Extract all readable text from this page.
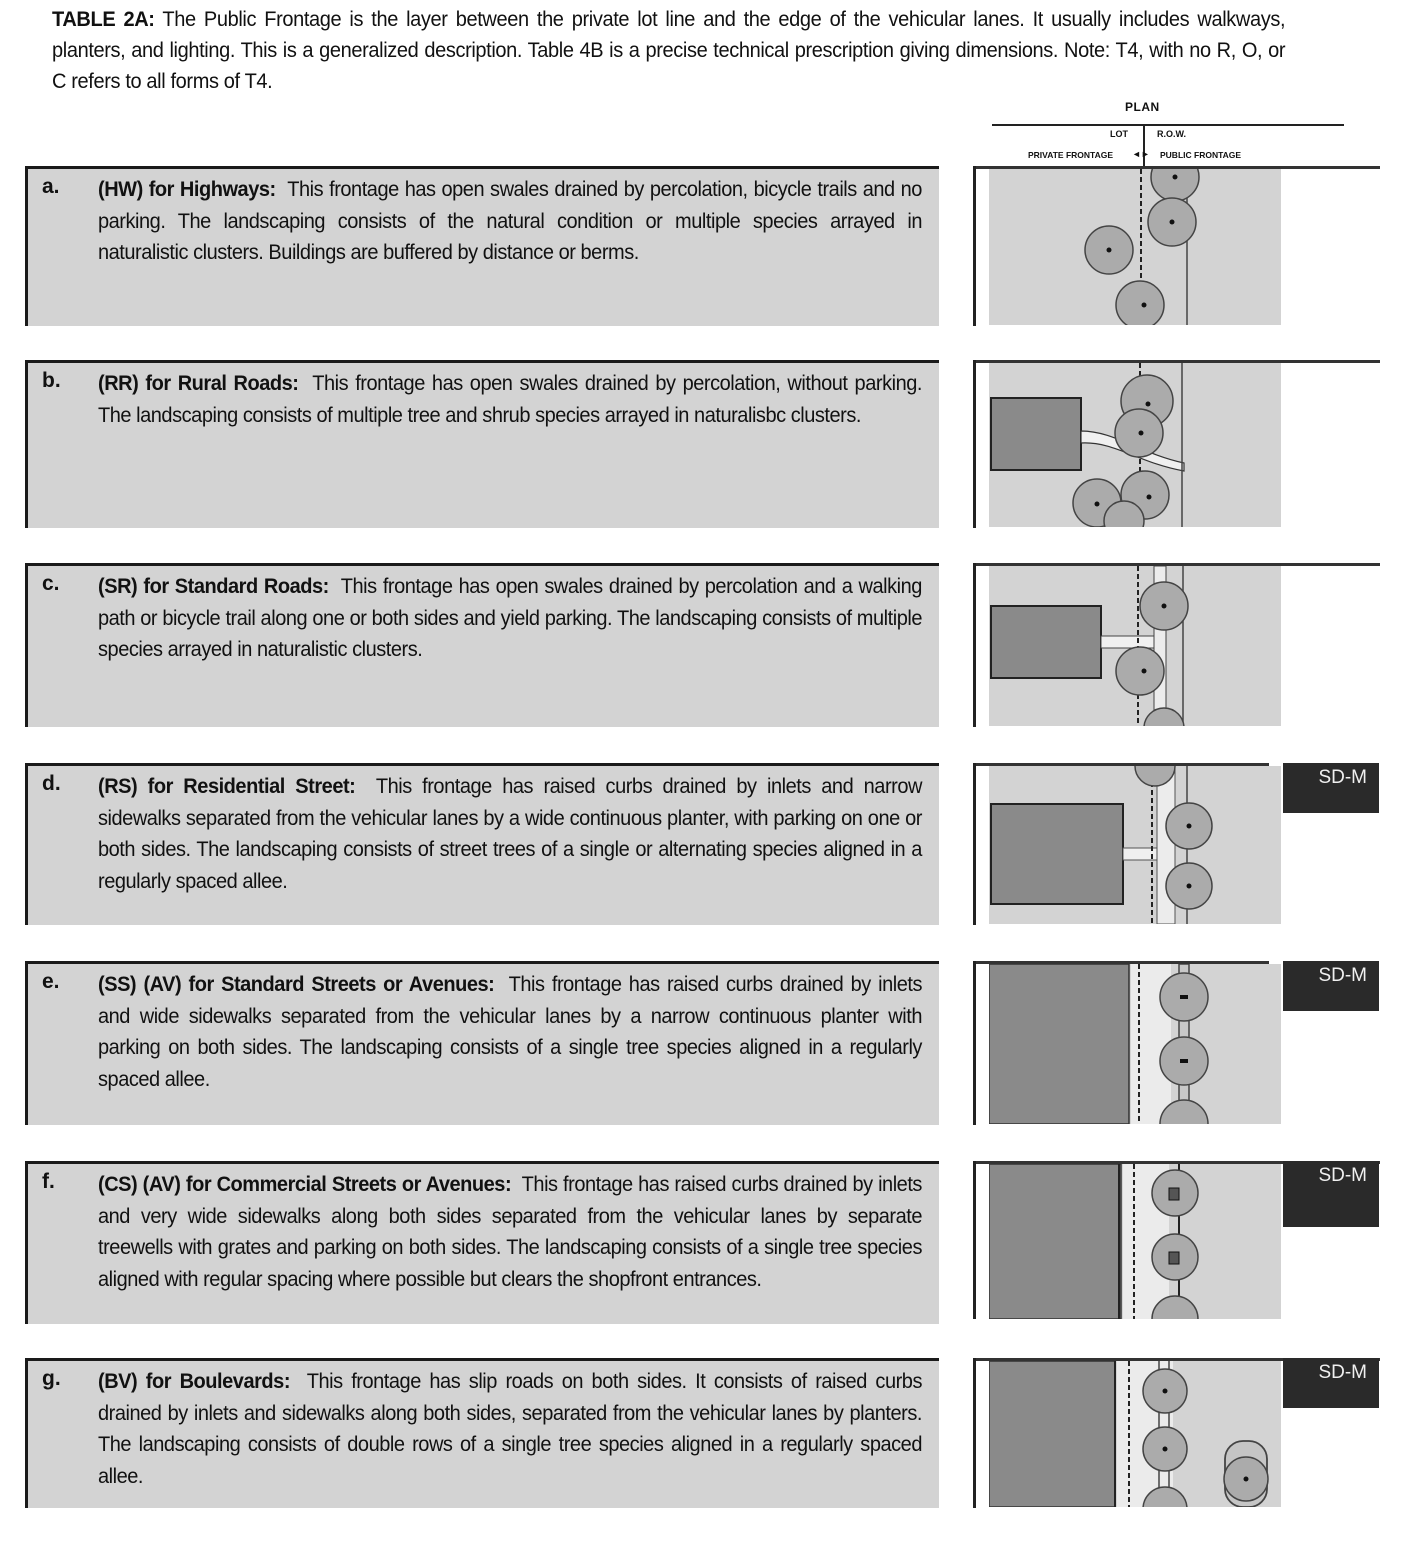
TABLE 2A: The Public Frontage is the layer between the private lot line and the edge of the vehicular lanes. It usually includes walkways, planters, and lighting. This is a generalized description. Table 4B is a precise technical prescription giving dimensions. Note: T4, with no R, O, or C refers to all forms of T4.
PLAN
LOT	R.O.W.
PRIVATE FRONTAGE ◄► PUBLIC FRONTAGE
a. (HW) for Highways: This frontage has open swales drained by percolation, bicycle trails and no parking. The landscaping consists of the natural condition or multiple species arrayed in naturalistic clusters. Buildings are buffered by distance or berms.
b. (RR) for Rural Roads: This frontage has open swales drained by percolation, without parking. The landscaping consists of multiple tree and shrub species arrayed in naturalisbc clusters.
c. (SR) for Standard Roads: This frontage has open swales drained by percolation and a walking path or bicycle trail along one or both sides and yield parking. The landscaping consists of multiple species arrayed in naturalistic clusters.
d. (RS) for Residential Street: This frontage has raised curbs drained by inlets and narrow sidewalks separated from the vehicular lanes by a wide continuous planter, with parking on one or both sides. The landscaping consists of street trees of a single or alternating species aligned in a regularly spaced allee.
SD-M
e. (SS) (AV) for Standard Streets or Avenues: This frontage has raised curbs drained by inlets and wide sidewalks separated from the vehicular lanes by a narrow continuous planter with parking on both sides. The landscaping consists of a single tree species aligned in a regularly spaced allee.
SD-M
f. (CS) (AV) for Commercial Streets or Avenues: This frontage has raised curbs drained by inlets and very wide sidewalks along both sides separated from the vehicular lanes by separate treewells with grates and parking on both sides. The landscaping consists of a single tree species aligned with regular spacing where possible but clears the shopfront entrances.
SD-M
g. (BV) for Boulevards: This frontage has slip roads on both sides. It consists of raised curbs drained by inlets and sidewalks along both sides, separated from the vehicular lanes by planters. The landscaping consists of double rows of a single tree species aligned in a regularly spaced allee.
SD-M
